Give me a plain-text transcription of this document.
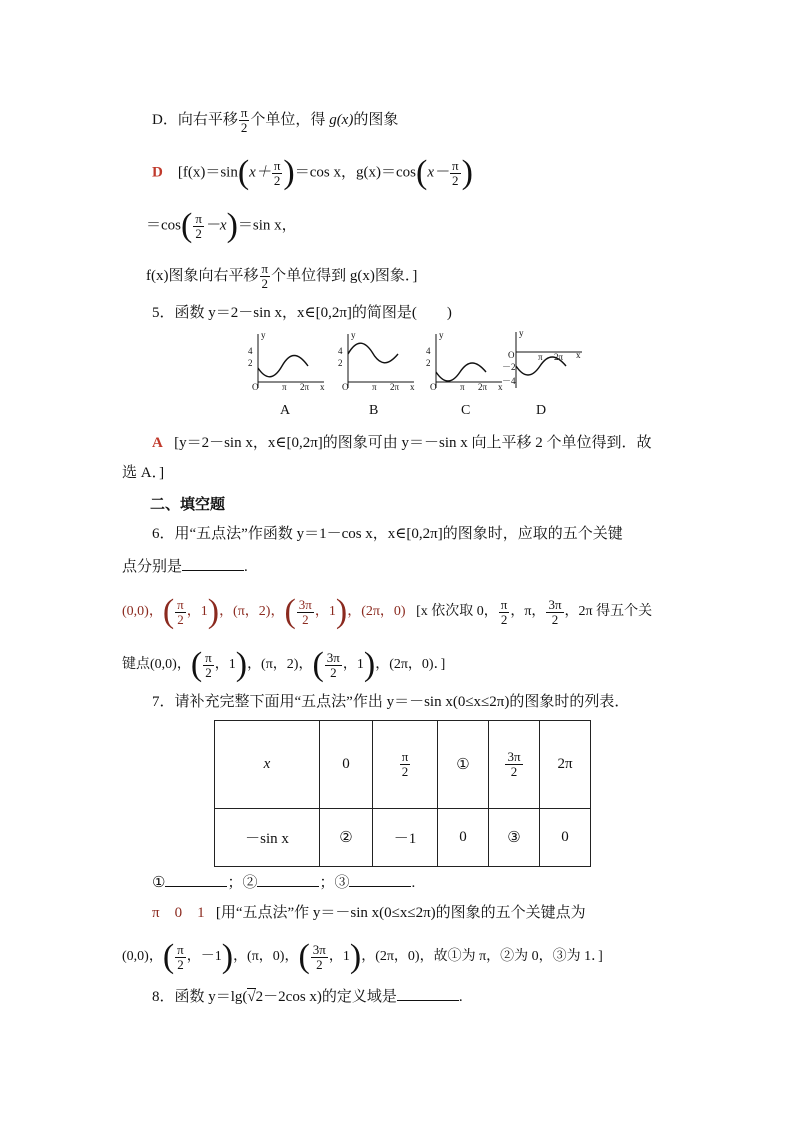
D．向右平移 $\frac{\pi}{2}$ 个单位，得 g(x)的图象
D [$f(x)=\sin(x+ \frac{\pi}{2} )=\cos$ x，$g(x)=\cos(x- \frac{\pi}{2}$ )
$=\cos( \frac{\pi}{2} -x)=\sin$ x，
f(x)图象向右平移 $\frac{\pi}{2}$ 个单位得到 g(x)图象．]
5．函数 y＝2－sin x，x∈[0,2π]的简图是(　　)
4
2
O	π 2π x
y
4
2
O	π 2π x
y
4
2
O	π 2π x
y
O
－2
－4
π 2π x
y
A	B	C	D
A [y＝2－sin x，x∈[0,2π]的图象可由 y＝－sin x 向上平移 2 个单位得到．故
选 A．]
二、填空题
6．用“五点法”作函数 y＝1－cos x，x∈[0,2π]的图象时，应取的五个关键
点分别是	.
(0,0)，( $\frac{\pi}{2}$ ，1)，(π，2)，( $\frac{3\pi}{2}$ ，1)，(2π，0) [x 依次取 0， $\frac{\pi}{2}$ ，π， $\frac{3\pi}{2}$ ，2π 得五个关
键点(0,0)，( $\frac{\pi}{2}$ ，1)，(π，2)，( $\frac{3\pi}{2}$ ，1)，(2π，0)．]
7．请补充完整下面用“五点法”作出 y＝－sin x(0≤x≤2π)的图象时的列表．
x	0	$\frac{\pi}{2}$	①	$\frac{3\pi}{2}$	2π
－sin x	②	－1	0	③	0
①	；②	；③	.
π　0　1 [用“五点法”作 y＝－sin x(0≤x≤2π)的图象的五个关键点为
(0,0)，( $\frac{\pi}{2}$ ，－1)，(π，0)，( $\frac{3\pi}{2}$ ，1)，(2π，0)，故①为 π，②为 0，③为 1．]
8．函数 y＝lg(√2－2cos x)的定义域是	.
